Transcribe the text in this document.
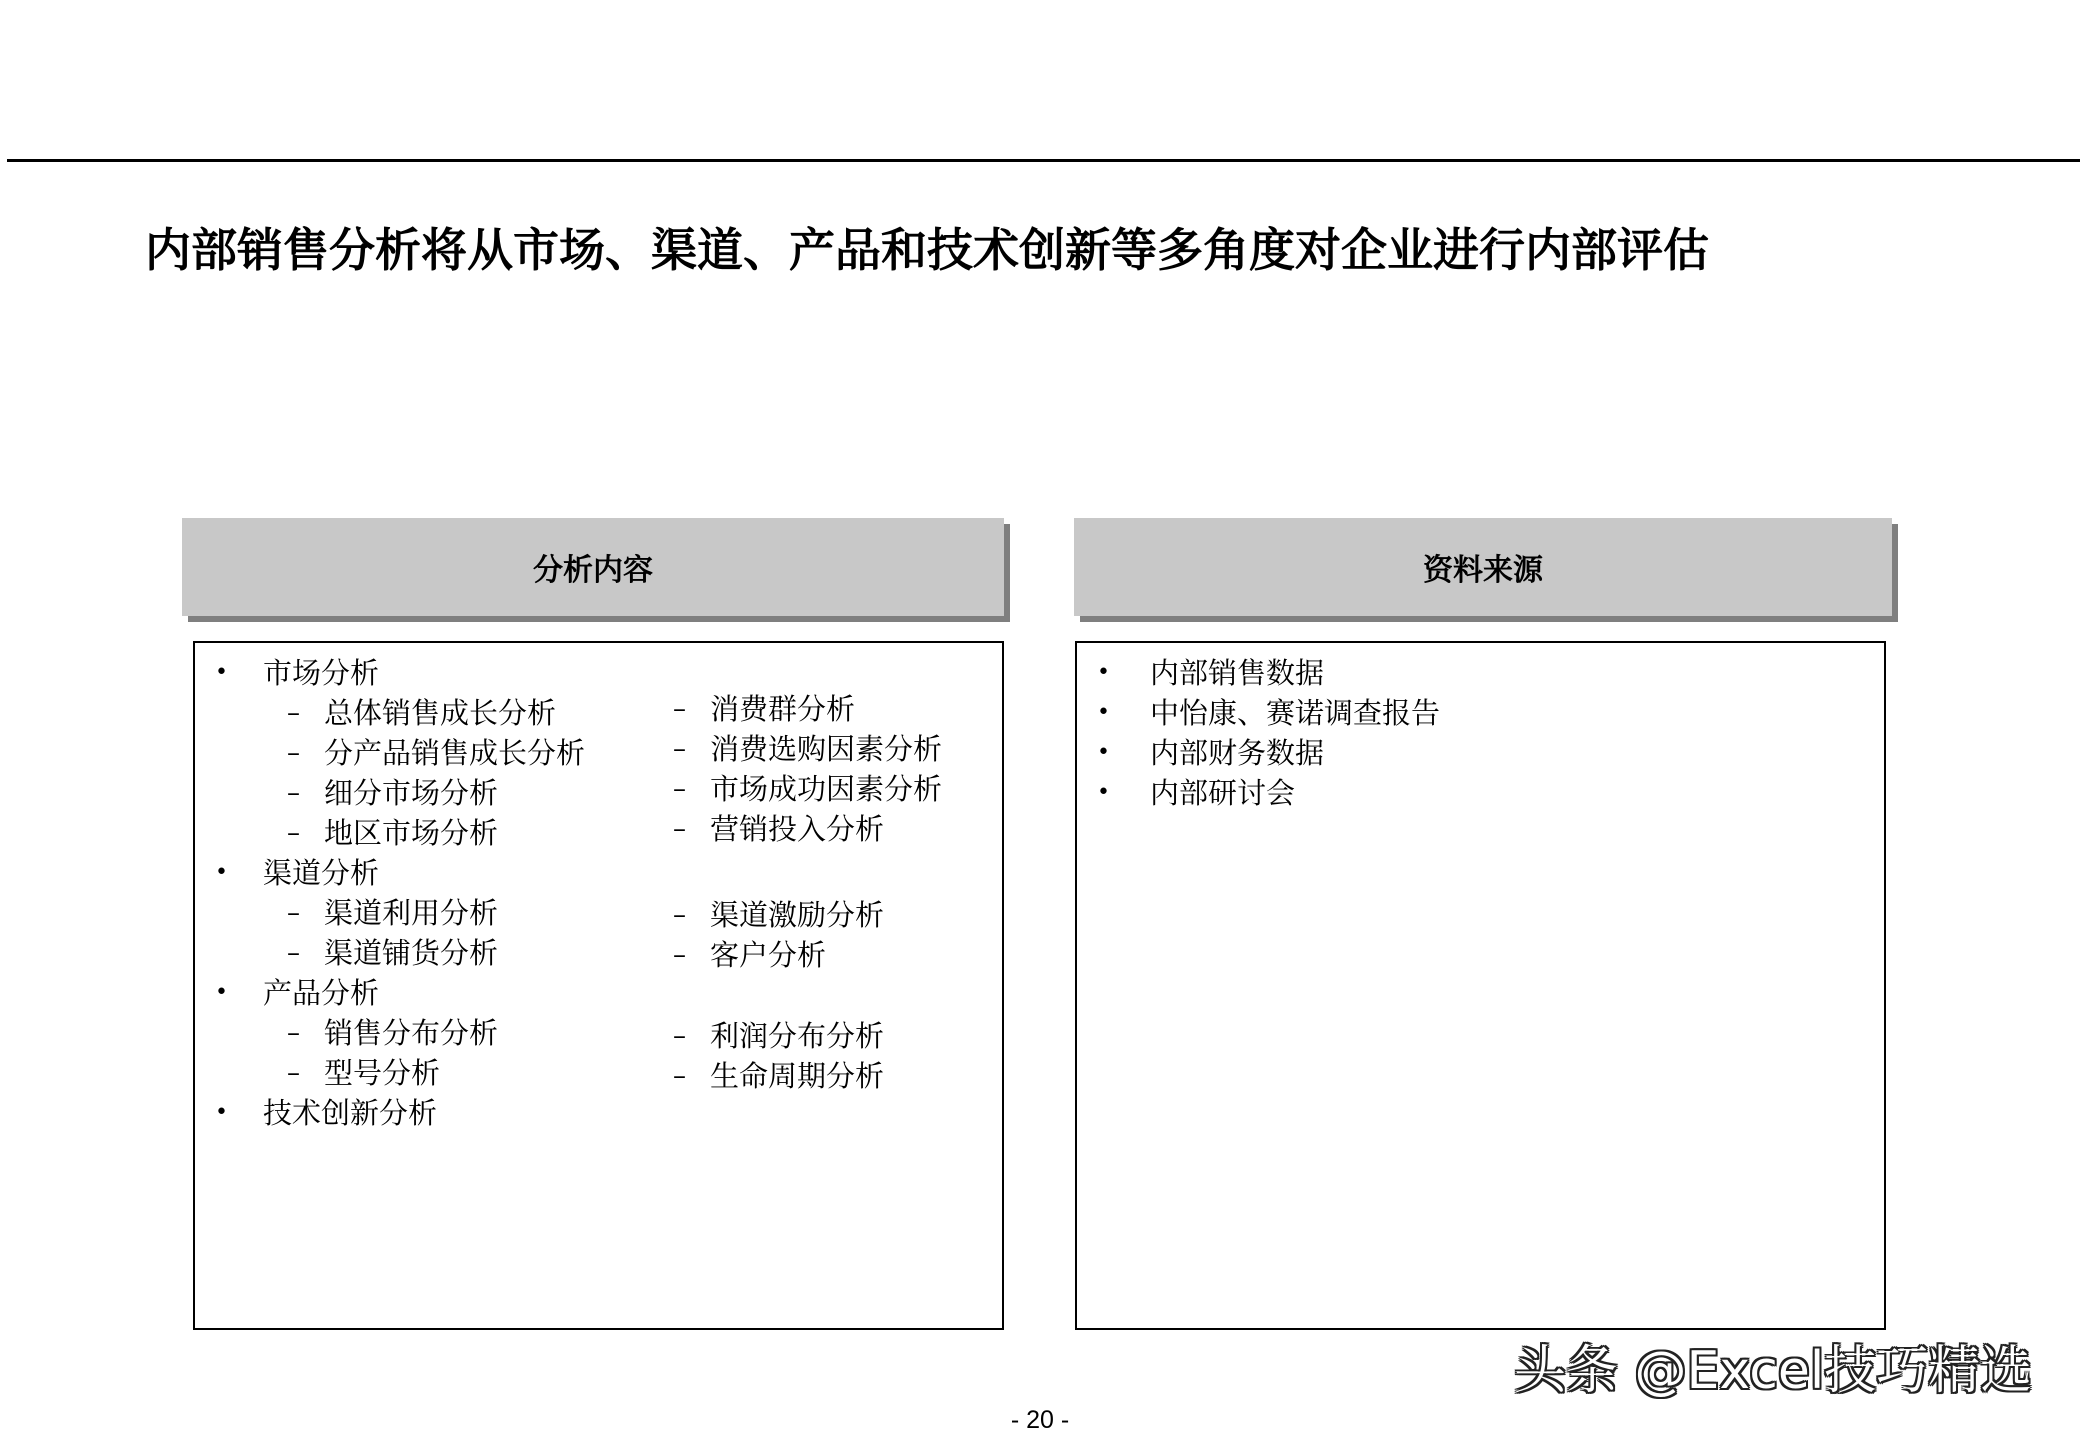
内部销售分析将从市场、渠道、产品和技术创新等多角度对企业进行内部评估
分析内容	资料来源
• 市场分析
– 总体销售成长分析
– 分产品销售成长分析
– 细分市场分析
– 地区市场分析
– 消费群分析
– 消费选购因素分析
– 市场成功因素分析
– 营销投入分析
• 渠道分析
– 渠道利用分析
– 渠道铺货分析
– 渠道激励分析
– 客户分析
• 产品分析
– 销售分布分析
– 型号分析
– 利润分布分析
– 生命周期分析
• 技术创新分析
• 内部销售数据
• 中怡康、赛诺调查报告
• 内部财务数据
• 内部研讨会
头条 @Excel技巧精选
- 20 -
